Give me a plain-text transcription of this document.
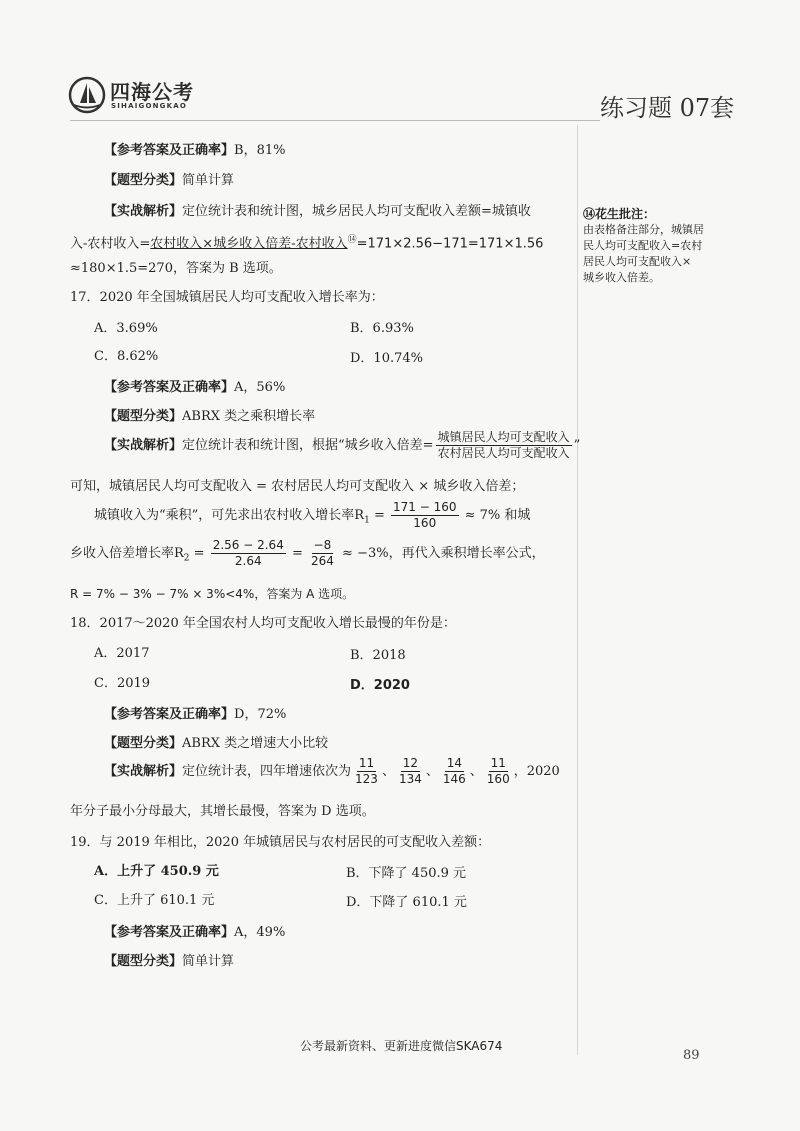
四海公考
SIHAIGONGKAO	练习题 07套
【参考答案及正确率】B，81%
【题型分类】简单计算
【实战解析】定位统计表和统计图，城乡居民人均可支配收入差额=城镇收
入-农村收入=农村收入×城乡收入倍差-农村收入⑭=171×2.56−171=171×1.56
≈180×1.5=270，答案为 B 选项。
17．2020 年全国城镇居民人均可支配收入增长率为：
A．3.69%	B．6.93%
C．8.62%	D．10.74%
【参考答案及正确率】A，56%
【题型分类】ABRX 类之乘积增长率
【实战解析】定位统计表和统计图，根据“城乡收入倍差= $\frac{\text{城镇居民人均可支配收入}}{\text{农村居民人均可支配收入}}$ ”
可知，城镇居民人均可支配收入 = 农村居民人均可支配收入 × 城乡收入倍差；
城镇收入为“乘积”，可先求出农村收入增长率$R_1 = \frac{171 - 160}{160} \approx 7\%$ 和城
乡收入倍差增长率$R_2 = \frac{2.56 - 2.64}{2.64} = \frac{-8}{264} \approx -3\%$，再代入乘积增长率公式，
R = 7% − 3% − 7% × 3%<4%，答案为 A 选项。
18．2017～2020 年全国农村人均可支配收入增长最慢的年份是：
A．2017	B．2018
C．2019	D．2020
【参考答案及正确率】D，72%
【题型分类】ABRX 类之增速大小比较
【实战解析】定位统计表，四年增速依次为 $\frac{11}{123}$ 、 $\frac{12}{134}$ 、 $\frac{14}{146}$ 、 $\frac{11}{160}$ ，2020
年分子最小分母最大，其增长最慢，答案为 D 选项。
19．与 2019 年相比，2020 年城镇居民与农村居民的可支配收入差额：
A．上升了 450.9 元	B．下降了 450.9 元
C．上升了 610.1 元	D．下降了 610.1 元
【参考答案及正确率】A，49%
【题型分类】简单计算
⑭花生批注：
由表格备注部分，城镇居
民人均可支配收入=农村
居民人均可支配收入×
城乡收入倍差。
公考最新资料、更新进度微信SKA674
89
